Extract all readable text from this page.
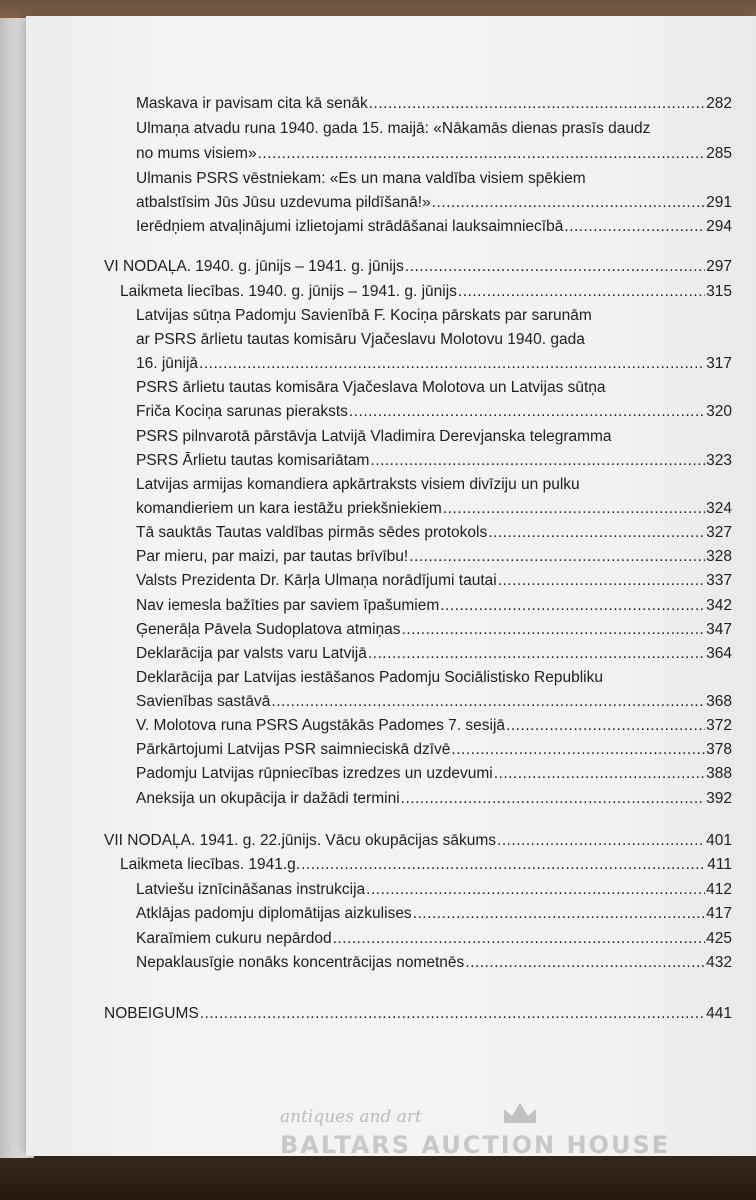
Maskava ir pavisam cita kā senāk .....	282
Ulmaņa atvadu runa 1940. gada 15. maijā: «Nākamās dienas prasīs daudz
no mums visiem» .....	285
Ulmanis PSRS vēstniekam: «Es un mana valdība visiem spēkiem
atbalstīsim Jūs Jūsu uzdevuma pildīšanā!» .....	291
Ierēdņiem atvaļinājumi izlietojami strādāšanai lauksaimniecībā .....	294
VI NODAĻA. 1940. g. jūnijs – 1941. g. jūnijs .....	297
Laikmeta liecības. 1940. g. jūnijs – 1941. g. jūnijs .....	315
Latvijas sūtņa Padomju Savienībā F. Kociņa pārskats par sarunām
ar PSRS ārlietu tautas komisāru Vjačeslavu Molotovu 1940. gada
16. jūnijā .....	317
PSRS ārlietu tautas komisāra Vjačeslava Molotova un Latvijas sūtņa
Friča Kociņa sarunas pieraksts .....	320
PSRS pilnvarotā pārstāvja Latvijā Vladimira Derevjanska telegramma
PSRS Ārlietu tautas komisariātam .....	323
Latvijas armijas komandiera apkārtraksts visiem divīziju un pulku
komandieriem un kara iestāžu priekšniekiem .....	324
Tā sauktās Tautas valdības pirmās sēdes protokols .....	327
Par mieru, par maizi, par tautas brīvību! .....	328
Valsts Prezidenta Dr. Kārļa Ulmaņa norādījumi tautai .....	337
Nav iemesla bažīties par saviem īpašumiem .....	342
Ģenerāļa Pāvela Sudoplatova atmiņas .....	347
Deklarācija par valsts varu Latvijā .....	364
Deklarācija par Latvijas iestāšanos Padomju Sociālistisko Republiku
Savienības sastāvā .....	368
V. Molotova runa PSRS Augstākās Padomes 7. sesijā .....	372
Pārkārtojumi Latvijas PSR saimnieciskā dzīvē .....	378
Padomju Latvijas rūpniecības izredzes un uzdevumi .....	388
Aneksija un okupācija ir dažādi termini .....	392
VII NODAĻA. 1941. g. 22.jūnijs. Vācu okupācijas sākums .....	401
Laikmeta liecības. 1941.g. .....	411
Latviešu iznīcināšanas instrukcija .....	412
Atklājas padomju diplomātijas aizkulises .....	417
Karaīmiem cukuru nepārdod .....	425
Nepaklausīgie nonāks koncentrācijas nometnēs .....	432
NOBEIGUMS .....	441
antiques and art
BALTARS AUCTION HOUSE
